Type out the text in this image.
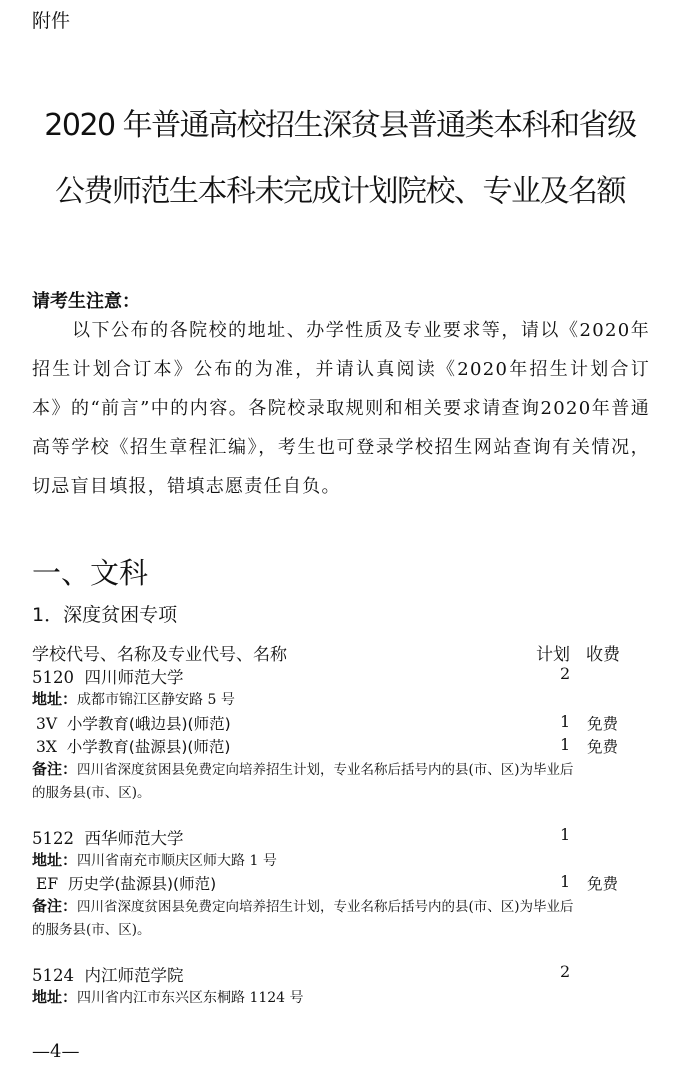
附件
2020 年普通高校招生深贫县普通类本科和省级
公费师范生本科未完成计划院校、专业及名额
请考生注意：
以下公布的各院校的地址、办学性质及专业要求等，请以《2020年招生计划合订本》公布的为准，并请认真阅读《2020年招生计划合订本》的“前言”中的内容。各院校录取规则和相关要求请查询2020年普通高等学校《招生章程汇编》，考生也可登录学校招生网站查询有关情况，切忌盲目填报，错填志愿责任自负。
一、文科
1．深度贫困专项
学校代号、名称及专业代号、名称	计划 收费
5120 四川师范大学	2
地址：成都市锦江区静安路 5 号
3V 小学教育(峨边县)(师范)	1 免费
3X 小学教育(盐源县)(师范)	1 免费
备注：四川省深度贫困县免费定向培养招生计划，专业名称后括号内的县(市、区)为毕业后
的服务县(市、区)。
5122 西华师范大学	1
地址：四川省南充市顺庆区师大路 1 号
EF 历史学(盐源县)(师范)	1 免费
备注：四川省深度贫困县免费定向培养招生计划，专业名称后括号内的县(市、区)为毕业后
的服务县(市、区)。
5124 内江师范学院	2
地址：四川省内江市东兴区东桐路 1124 号
—4—
